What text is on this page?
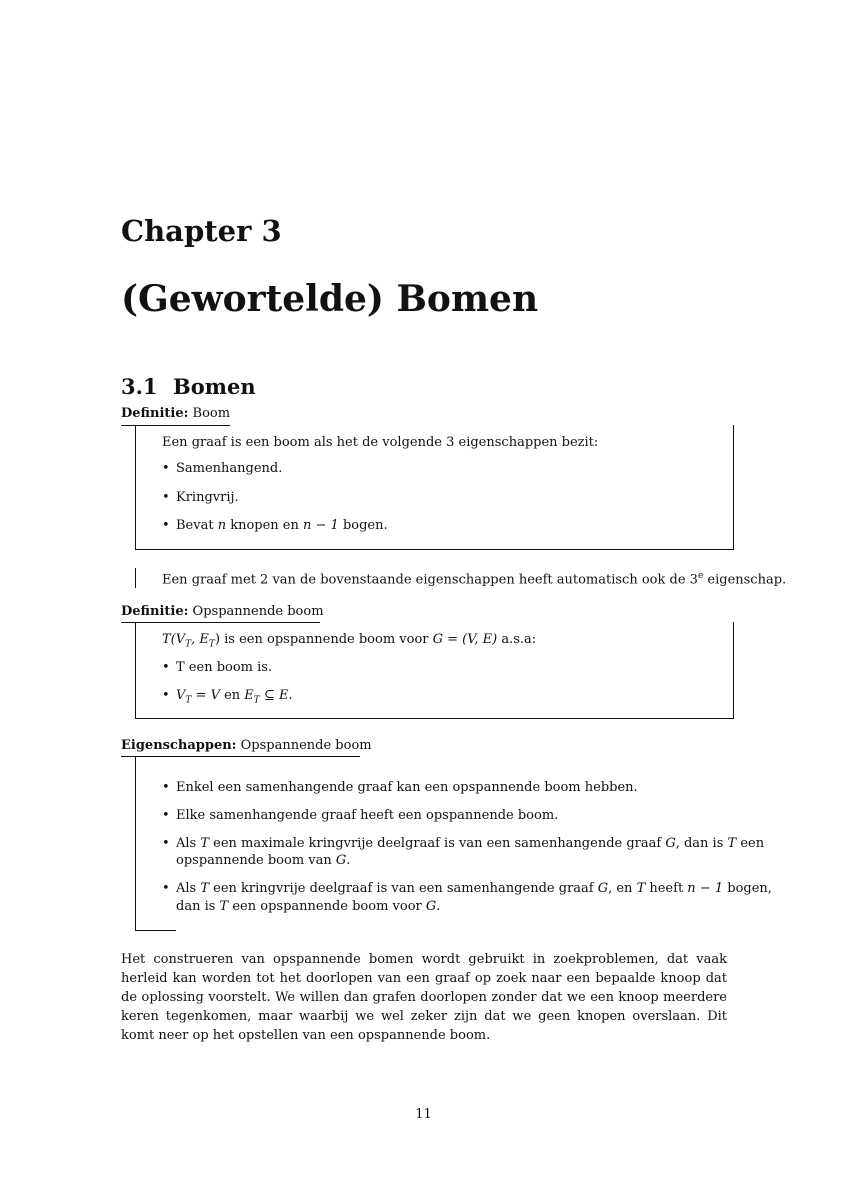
Chapter 3
(Gewortelde) Bomen
3.1 Bomen
Definitie: Boom
Een graaf is een boom als het de volgende 3 eigenschappen bezit:
• Samenhangend.
• Kringvrij.
• Bevat n knopen en n − 1 bogen.
Een graaf met 2 van de bovenstaande eigenschappen heeft automatisch ook de 3e eigenschap.
Definitie: Opspannende boom
$T(V_T$, $E_T$) is een opspannende boom voor G = (V, E) a.s.a:
• T een boom is.
• $V_T = V$ en $E_T$ ⊆ E.
Eigenschappen: Opspannende boom
• Enkel een samenhangende graaf kan een opspannende boom hebben.
• Elke samenhangende graaf heeft een opspannende boom.
• Als T een maximale kringvrije deelgraaf is van een samenhangende graaf G, dan is T een
opspannende boom van G.
• Als T een kringvrije deelgraaf is van een samenhangende graaf G, en T heeft n − 1 bogen,
dan is T een opspannende boom voor G.
Het construeren van opspannende bomen wordt gebruikt in zoekproblemen, dat vaak herleid kan worden tot het doorlopen van een graaf op zoek naar een bepaalde knoop dat de oplossing voorstelt. We willen dan grafen doorlopen zonder dat we een knoop meerdere keren tegenkomen, maar waarbij we wel zeker zijn dat we geen knopen overslaan. Dit komt neer op het opstellen van een opspannende boom.
11
